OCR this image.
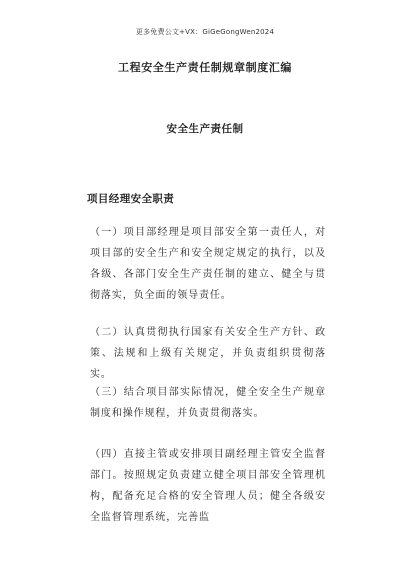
更多免费公文+VX：GiGeGongWen2024
工程安全生产责任制规章制度汇编
安全生产责任制
项目经理安全职责
（一）项目部经理是项目部安全第一责任人，对项目部的安全生产和安全规定规定的执行，以及各级、各部门安全生产责任制的建立、健全与贯彻落实，负全面的领导责任。
（二）认真贯彻执行国家有关安全生产方针、政策、法规和上级有关规定，并负责组织贯彻落实。
（三）结合项目部实际情况，健全安全生产规章制度和操作规程，并负责贯彻落实。
（四）直接主管或安排项目副经理主管安全监督部门。按照规定负责建立健全项目部安全管理机构，配备充足合格的安全管理人员；健全各级安全监督管理系统，完善监
